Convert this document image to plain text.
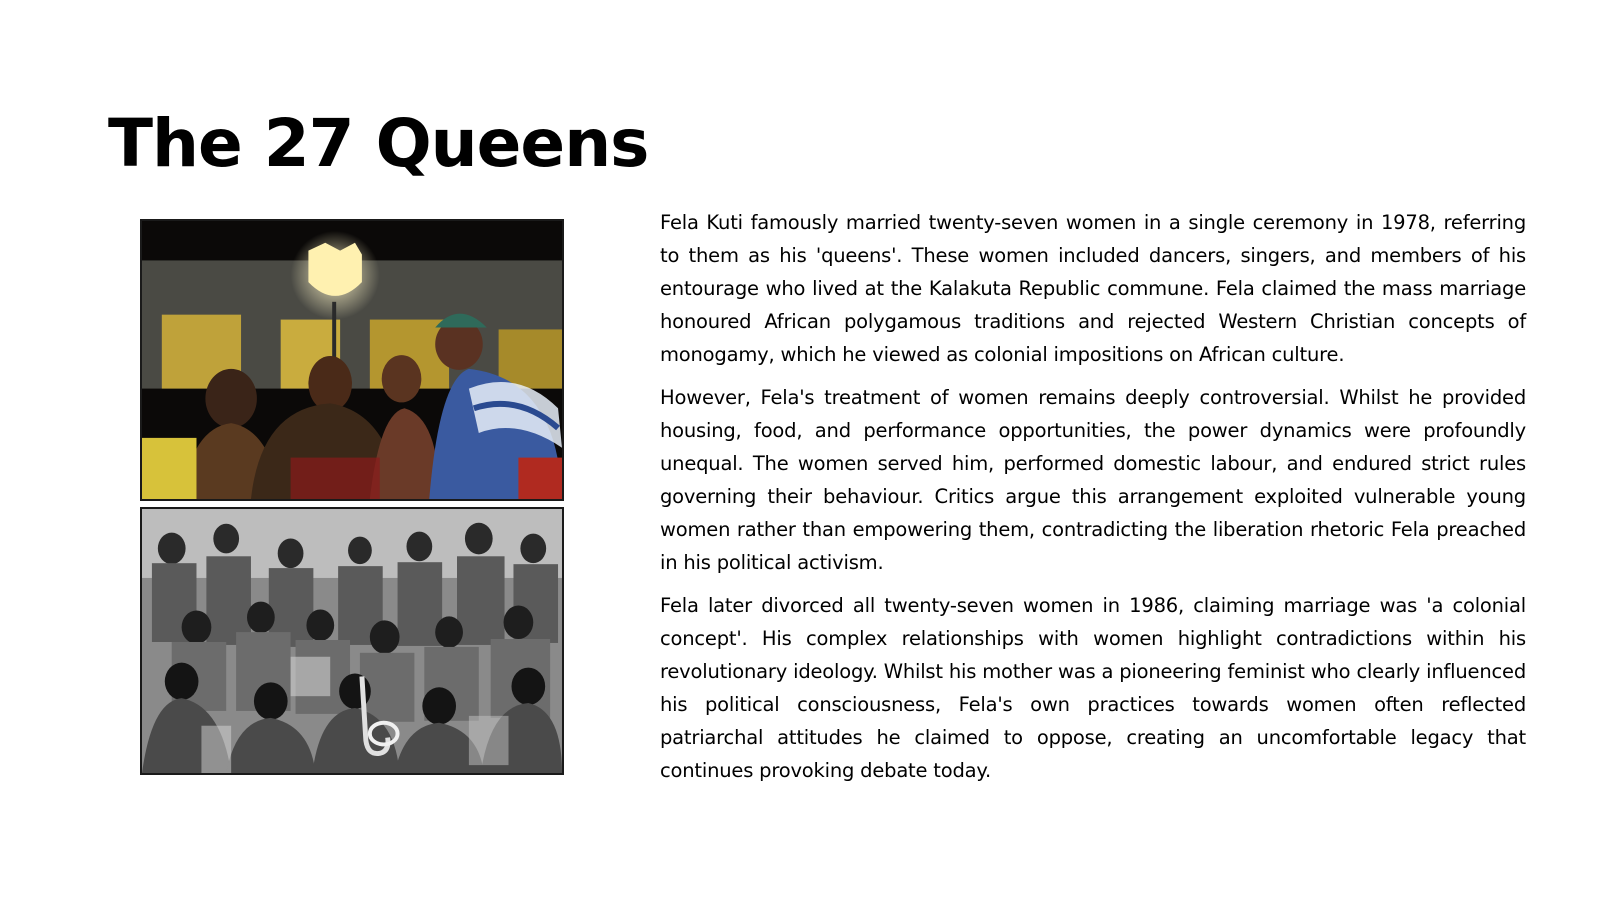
The 27 Queens

Fela Kuti famously married twenty-seven women in a single ceremony in 1978, referring to them as his 'queens'. These women included dancers, singers, and members of his entourage who lived at the Kalakuta Republic commune. Fela claimed the mass marriage honoured African polygamous traditions and rejected Western Christian concepts of monogamy, which he viewed as colonial impositions on African culture.

However, Fela's treatment of women remains deeply controversial. Whilst he provided housing, food, and performance opportunities, the power dynamics were profoundly unequal. The women served him, performed domestic labour, and endured strict rules governing their behaviour. Critics argue this arrangement exploited vulnerable young women rather than empowering them, contradicting the liberation rhetoric Fela preached in his political activism.

Fela later divorced all twenty-seven women in 1986, claiming marriage was 'a colonial concept'. His complex relationships with women highlight contradictions within his revolutionary ideology. Whilst his mother was a pioneering feminist who clearly influenced his political consciousness, Fela's own practices towards women often reflected patriarchal attitudes he claimed to oppose, creating an uncomfortable legacy that continues provoking debate today.
